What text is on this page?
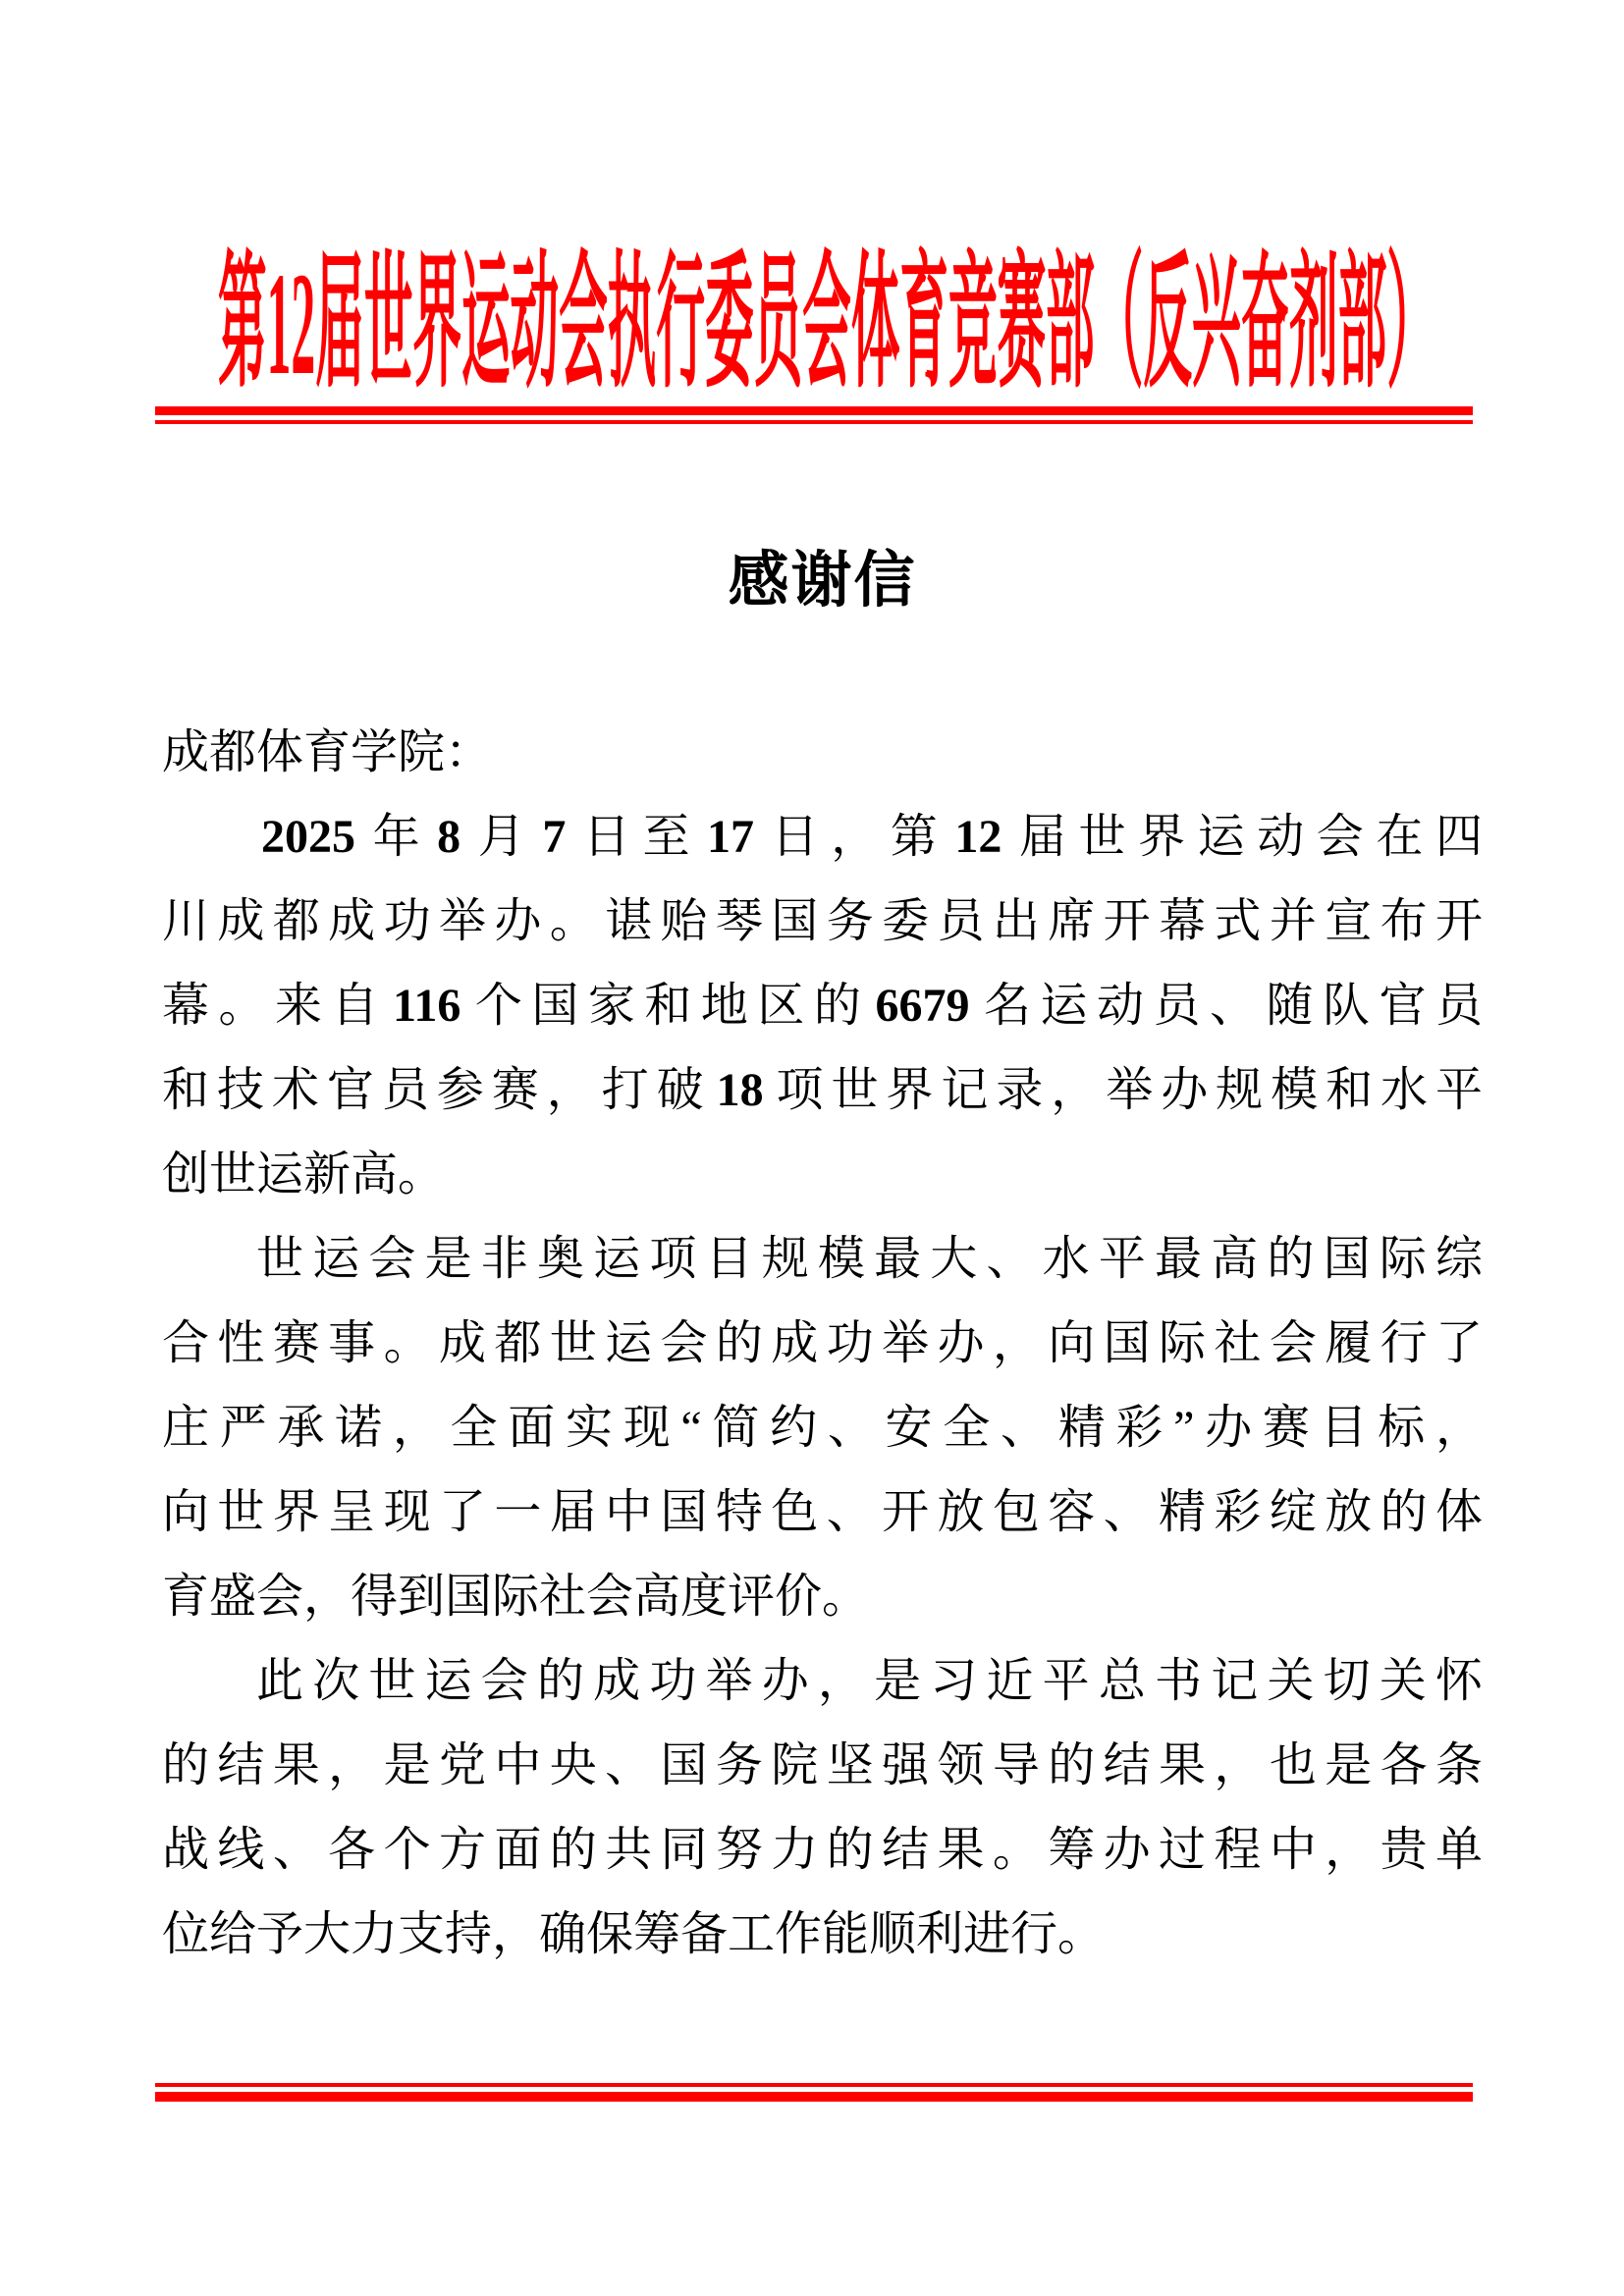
第12届世界运动会执行委员会体育竞赛部（反兴奋剂部）
感谢信
成都体育学院：
2025 年 8 月 7 日至 17 日，第 12 届世界运动会在四
川成都成功举办。谌贻琴国务委员出席开幕式并宣布开
幕。来自 116 个国家和地区的 6679 名运动员、随队官员
和技术官员参赛，打破 18 项世界记录，举办规模和水平
创世运新高。
世运会是非奥运项目规模最大、水平最高的国际综
合性赛事。成都世运会的成功举办，向国际社会履行了
庄严承诺，全面实现“简约、安全、精彩”办赛目标，
向世界呈现了一届中国特色、开放包容、精彩绽放的体
育盛会，得到国际社会高度评价。
此次世运会的成功举办，是习近平总书记关切关怀
的结果，是党中央、国务院坚强领导的结果，也是各条
战线、各个方面的共同努力的结果。筹办过程中，贵单
位给予大力支持，确保筹备工作能顺利进行。
